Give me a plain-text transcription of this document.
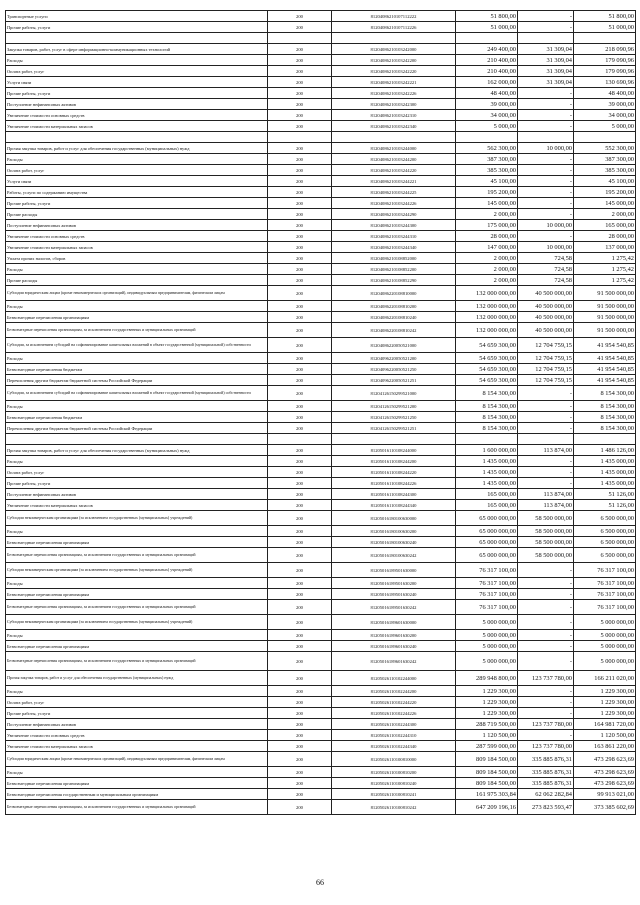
Транспортные услуги	200	81204086210107112222	51 800,00	-	51 800,00
Прочие работы, услуги	200	81204086210107112226	51 000,00	-	51 000,00

Закупка товаров, работ, услуг в сфере информационно-коммуникационных технологий	200	81204086210103242000	249 400,00	31 309,04	218 090,96
Расходы	200	81204086210103242200	210 400,00	31 309,04	179 090,96
Оплата работ, услуг	200	81204086210103242220	210 400,00	31 309,04	179 090,96
Услуги связи	200	81204086210103242221	162 000,00	31 309,04	130 690,96
Прочие работы, услуги	200	81204086210103242226	48 400,00	-	48 400,00
Поступление нефинансовых активов	200	81204086210103242300	39 000,00	-	39 000,00
Увеличение стоимости основных средств	200	81204086210103242310	34 000,00	-	34 000,00
Увеличение стоимости материальных запасов	200	81204086210103242340	5 000,00	-	5 000,00

Прочая закупка товаров, работ и услуг для обеспечения государственных (муниципальных) нужд	200	81204086210103244000	562 300,00	10 000,00	552 300,00
Расходы	200	81204086210103244200	387 300,00	-	387 300,00
Оплата работ, услуг	200	81204086210103244220	385 300,00	-	385 300,00
Услуги связи	200	81204086210103244221	45 100,00	-	45 100,00
Работы, услуги по содержанию имущества	200	81204086210103244225	195 200,00	-	195 200,00
Прочие работы, услуги	200	81204086210103244226	145 000,00	-	145 000,00
Прочие расходы	200	81204086210103244290	2 000,00	-	2 000,00
Поступление нефинансовых активов	200	81204086210103244300	175 000,00	10 000,00	165 000,00
Увеличение стоимости основных средств	200	81204086210103244310	28 000,00	-	28 000,00
Увеличение стоимости материальных запасов	200	81204086210103244340	147 000,00	10 000,00	137 000,00
Уплата прочих налогов, сборов	200	81204086210108852000	2 000,00	724,58	1 275,42
Расходы	200	81204086210108852200	2 000,00	724,58	1 275,42
Прочие расходы	200	81204086210108852290	2 000,00	724,58	1 275,42
Субсидии юридическим лицам (кроме некоммерческих организаций), индивидуальным предпринимателям, физическим лицам	200	81204086220108810000	132 000 000,00	40 500 000,00	91 500 000,00
Расходы	200	81204086220108810200	132 000 000,00	40 500 000,00	91 500 000,00
Безвозмездные перечисления организациям	200	81204086220108810240	132 000 000,00	40 500 000,00	91 500 000,00
Безвозмездные перечисления организациям, за исключением государственных и муниципальных организаций	200	81204086220108810242	132 000 000,00	40 500 000,00	91 500 000,00
Субсидии, за исключением субсидий на софинансирование капитальных вложений в объект государственной (муниципальной) собственности	200	81204086220050521000	54 659 300,00	12 704 759,15	41 954 540,85
Расходы	200	81204096220050521200	54 659 300,00	12 704 759,15	41 954 540,85
Безвозмездные перечисления бюджетам	200	81204096220050521250	54 659 300,00	12 704 759,15	41 954 540,85
Перечисления другим бюджетам бюджетной системы Российской Федерации	200	81204096220050521251	54 659 300,00	12 704 759,15	41 954 540,85
Субсидии, за исключением субсидий на софинансирование капитальных вложений в объект государственной (муниципальной) собственности	200	81204126150299521000	8 154 300,00	-	8 154 300,00
Расходы	200	81204126150299521200	8 154 300,00	-	8 154 300,00
Безвозмездные перечисления бюджетам	200	81204126150299521250	8 154 300,00	-	8 154 300,00
Перечисления другим бюджетам бюджетной системы Российской Федерации	200	81204126150299521251	8 154 300,00	-	8 154 300,00

Прочая закупка товаров, работ и услуг для обеспечения государственных (муниципальных) нужд	200	81205016110108244000	1 600 000,00	113 874,00	1 486 126,00
Расходы	200	81205016110108244200	1 435 000,00	-	1 435 000,00
Оплата работ, услуг	200	81205016110108244220	1 435 000,00	-	1 435 000,00
Прочие работы, услуги	200	81205016110108244226	1 435 000,00	-	1 435 000,00
Поступление нефинансовых активов	200	81205016110108244300	165 000,00	113 874,00	51 126,00
Увеличение стоимости материальных запасов	200	81205016110108244340	165 000,00	113 874,00	51 126,00
Субсидии некоммерческим организациям (за исключением государственных (муниципальных) учреждений)	200	81205016180100630000	65 000 000,00	58 500 000,00	6 500 000,00
Расходы	200	81205016180100630200	65 000 000,00	58 500 000,00	6 500 000,00
Безвозмездные перечисления организациям	200	81205016180100630240	65 000 000,00	58 500 000,00	6 500 000,00
Безвозмездные перечисления организациям, за исключением государственных и муниципальных организаций	200	81205016180100630242	65 000 000,00	58 500 000,00	6 500 000,00
Субсидии некоммерческим организациям (за исключением государственных (муниципальных) учреждений)	200	81205016189501630000	76 317 100,00	-	76 317 100,00
Расходы	200	81205016189501630200	76 317 100,00	-	76 317 100,00
Безвозмездные перечисления организациям	200	81205016189501630240	76 317 100,00	-	76 317 100,00
Безвозмездные перечисления организациям, за исключением государственных и муниципальных организаций	200	81205016189501630242	76 317 100,00	-	76 317 100,00
Субсидии некоммерческим организациям (за исключением государственных (муниципальных) учреждений)	200	81205016189601630000	5 000 000,00	-	5 000 000,00
Расходы	200	81205016189601630200	5 000 000,00	-	5 000 000,00
Безвозмездные перечисления организациям	200	81205016189601630240	5 000 000,00	-	5 000 000,00
Безвозмездные перечисления организациям, за исключением государственных и муниципальных организаций	200	81205016189601630242	5 000 000,00	-	5 000 000,00
Прочая закупка товаров, работ и услуг для обеспечения государственных (муниципальных) нужд	200	81205026110102244000	289 948 800,00	123 737 780,00	166 211 020,00
Расходы	200	81205026110102244200	1 229 300,00	-	1 229 300,00
Оплата работ, услуг	200	81205026110102244220	1 229 300,00	-	1 229 300,00
Прочие работы, услуги	200	81205026110102244226	1 229 300,00	-	1 229 300,00
Поступление нефинансовых активов	200	81205026110102244300	288 719 500,00	123 737 780,00	164 981 720,00
Увеличение стоимости основных средств	200	81205026110102244310	1 120 500,00	-	1 120 500,00
Увеличение стоимости материальных запасов	200	81205026110102244340	287 599 000,00	123 737 780,00	163 861 220,00
Субсидии юридическим лицам (кроме некоммерческих организаций), индивидуальным предпринимателям, физическим лицам	200	81205026110100810000	809 184 500,00	335 885 876,31	473 298 623,69
Расходы	200	81205026110100810200	809 184 500,00	335 885 876,31	473 298 623,69
Безвозмездные перечисления организациям	200	81205026110100810240	809 184 500,00	335 885 876,31	473 298 623,69
Безвозмездные перечисления государственным и муниципальным организациям	200	81205026110100810241	161 975 303,84	62 062 282,84	99 913 021,00
Безвозмездные перечисления организациям, за исключением государственных и муниципальных организаций	200	81205026110100810242	647 209 196,16	273 823 593,47	373 385 602,69
66
